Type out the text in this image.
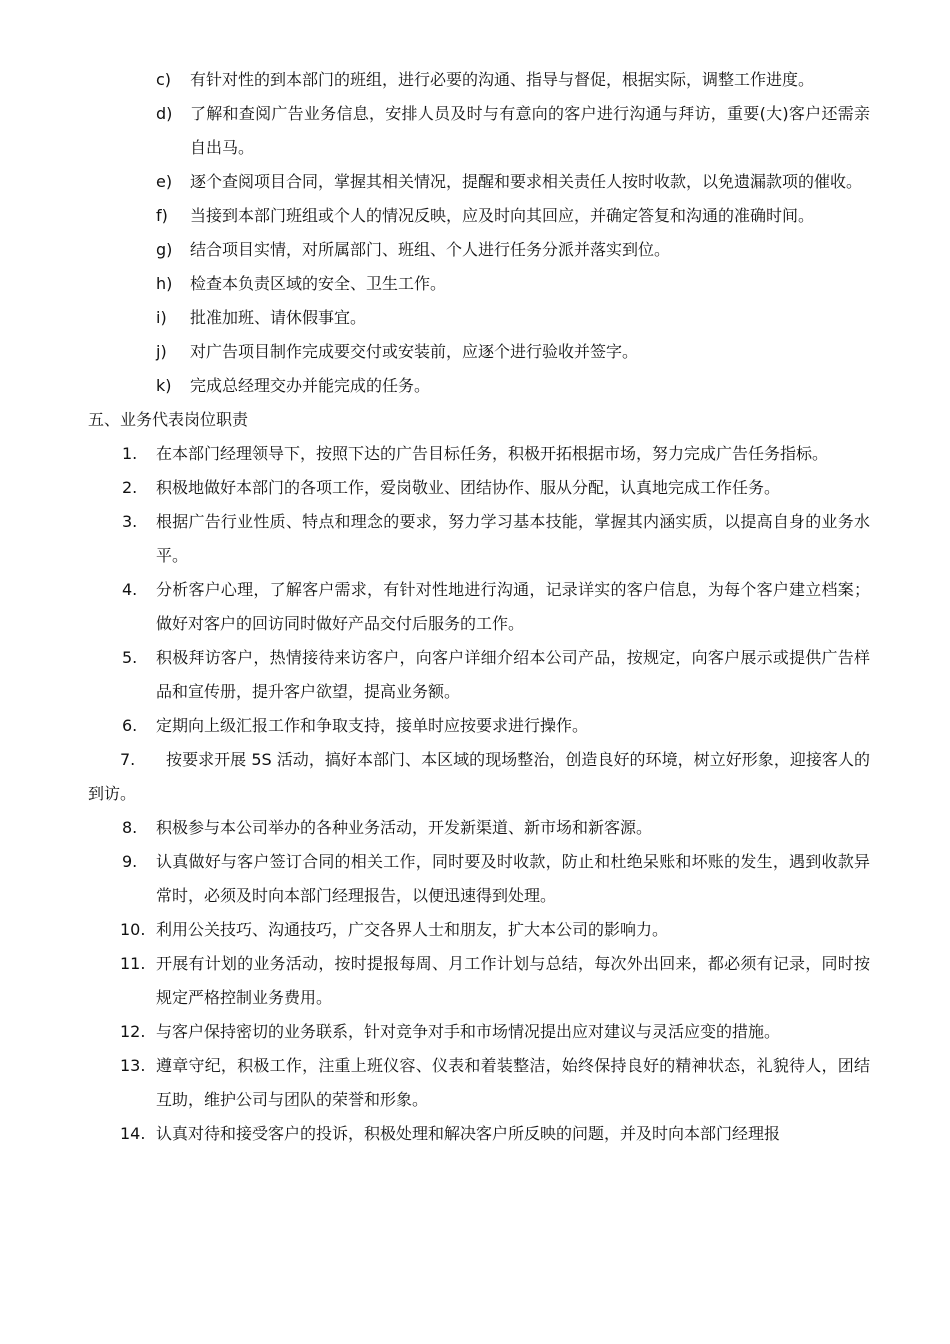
c) 有针对性的到本部门的班组，进行必要的沟通、指导与督促，根据实际，调整工作进度。
d) 了解和查阅广告业务信息，安排人员及时与有意向的客户进行沟通与拜访，重要(大)客户还需亲自出马。
e) 逐个查阅项目合同，掌握其相关情况，提醒和要求相关责任人按时收款，以免遗漏款项的催收。
f) 当接到本部门班组或个人的情况反映，应及时向其回应，并确定答复和沟通的准确时间。
g) 结合项目实情，对所属部门、班组、个人进行任务分派并落实到位。
h) 检查本负责区域的安全、卫生工作。
i) 批准加班、请休假事宜。
j) 对广告项目制作完成要交付或安装前，应逐个进行验收并签字。
k) 完成总经理交办并能完成的任务。
五、业务代表岗位职责
1. 在本部门经理领导下，按照下达的广告目标任务，积极开拓根据市场，努力完成广告任务指标。
2. 积极地做好本部门的各项工作，爱岗敬业、团结协作、服从分配，认真地完成工作任务。
3. 根据广告行业性质、特点和理念的要求，努力学习基本技能，掌握其内涵实质，以提高自身的业务水平。
4. 分析客户心理，了解客户需求，有针对性地进行沟通，记录详实的客户信息，为每个客户建立档案；做好对客户的回访同时做好产品交付后服务的工作。
5. 积极拜访客户，热情接待来访客户，向客户详细介绍本公司产品，按规定，向客户展示或提供广告样品和宣传册，提升客户欲望，提高业务额。
6. 定期向上级汇报工作和争取支持，接单时应按要求进行操作。
7. 按要求开展 5S 活动，搞好本部门、本区域的现场整治，创造良好的环境，树立好形象，迎接客人的到访。
8. 积极参与本公司举办的各种业务活动，开发新渠道、新市场和新客源。
9. 认真做好与客户签订合同的相关工作，同时要及时收款，防止和杜绝呆账和坏账的发生，遇到收款异常时，必须及时向本部门经理报告，以便迅速得到处理。
10. 利用公关技巧、沟通技巧，广交各界人士和朋友，扩大本公司的影响力。
11. 开展有计划的业务活动，按时提报每周、月工作计划与总结，每次外出回来，都必须有记录，同时按规定严格控制业务费用。
12. 与客户保持密切的业务联系，针对竞争对手和市场情况提出应对建议与灵活应变的措施。
13. 遵章守纪，积极工作，注重上班仪容、仪表和着装整洁，始终保持良好的精神状态，礼貌待人，团结互助，维护公司与团队的荣誉和形象。
14. 认真对待和接受客户的投诉，积极处理和解决客户所反映的问题，并及时向本部门经理报
